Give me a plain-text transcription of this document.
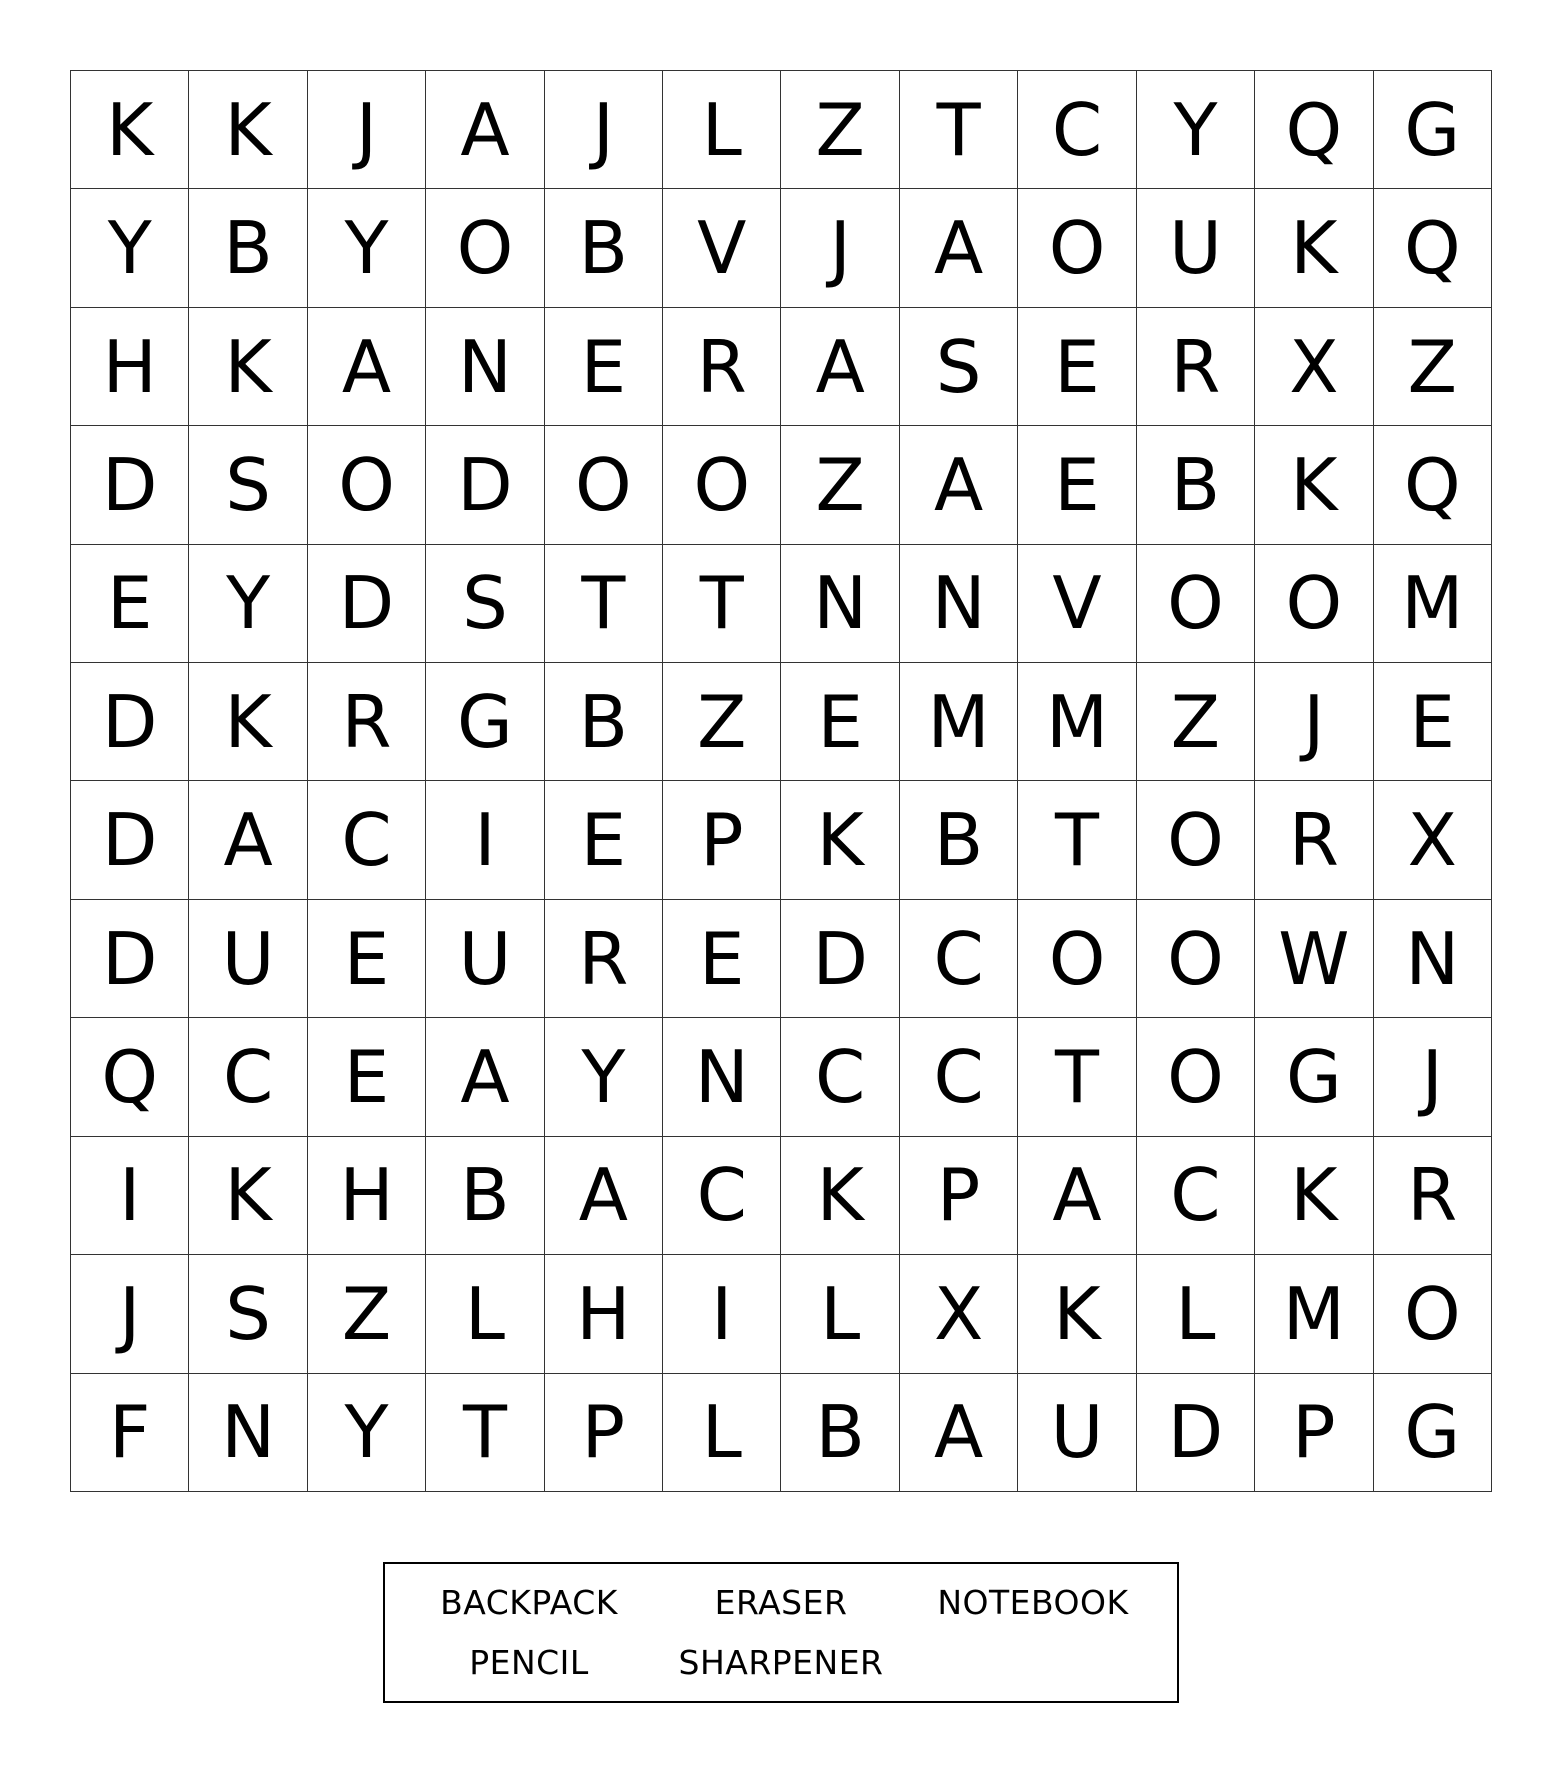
K K	J	A	J	L	Z T C Y Q G
Y B Y O B V	J	A O U K Q
H K A N E R A S	E R X Z
D S O D O O Z A E B K Q
E	Y D S	T	T N N V O O M
D K R G B Z E M M Z	J	E
D A C	I	E	P	K B T O R X
D U E U R E D C O O W N
Q C E A Y N C C T O G	J
I	K H B A C K	P	A C K R
J	S Z	L H	I	L	X K	L M O
F N Y	T	P	L	B A U D P G
BACKPACK	ERASER	NOTEBOOK
PENCIL	SHARPENER
